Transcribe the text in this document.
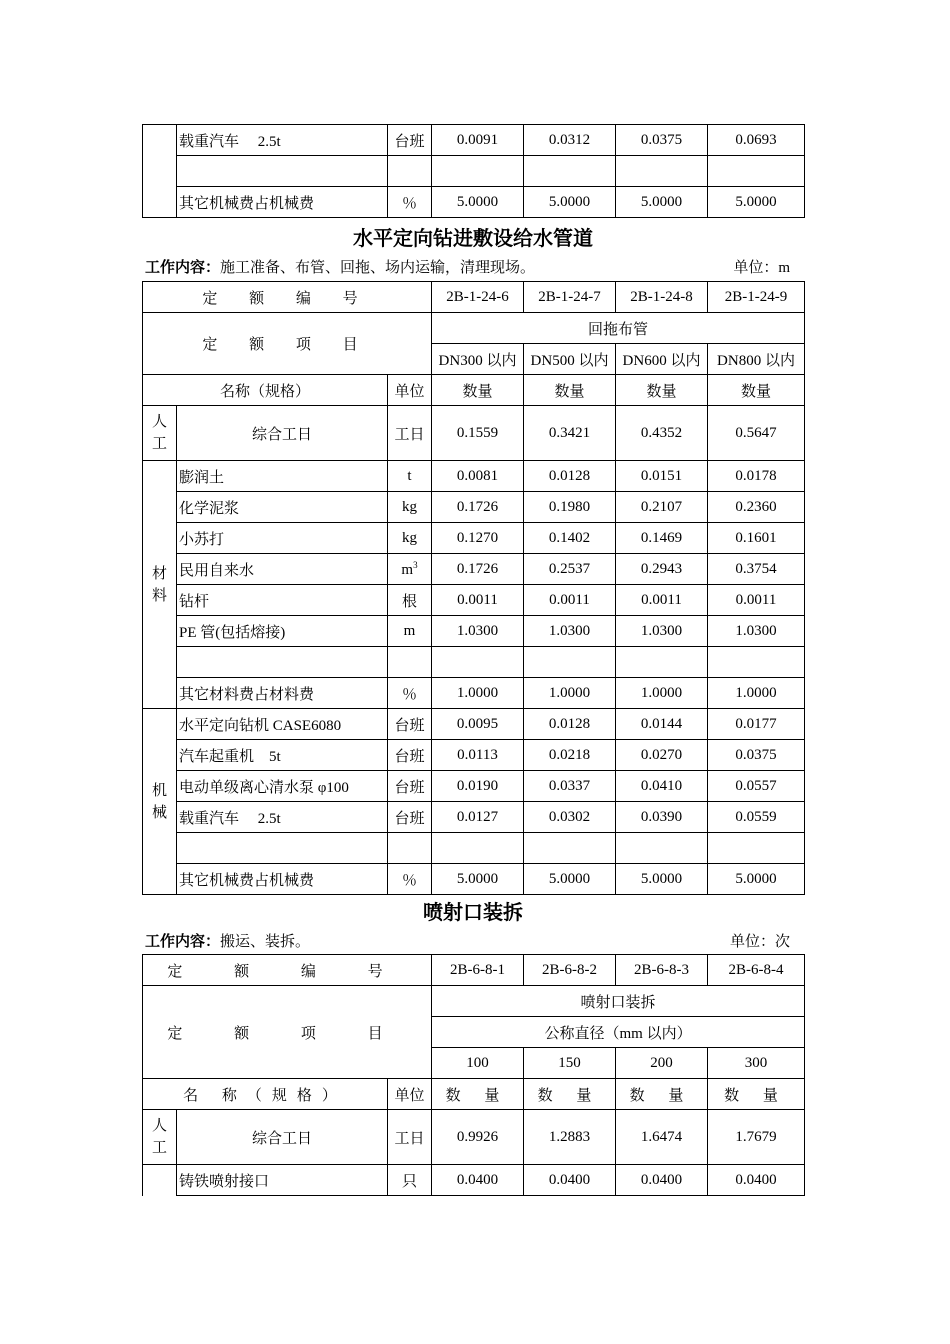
	载重汽车　 2.5t	台班	0.0091	0.0312	0.0375	0.0693

	其它机械费占机械费	％	5.0000	5.0000	5.0000	5.0000
水平定向钻进敷设给水管道
工作内容：施工准备、布管、回拖、场内运输，清理现场。	单位：m
定 额 编 号			2B-1-24-6	2B-1-24-7	2B-1-24-8	2B-1-24-9
定 额 项 目			回拖布管			
			DN300 以内	DN500 以内	DN600 以内	DN800 以内
名称（规格）		单位	数量	数量	数量	数量
人工	综合工日	工日	0.1559	0.3421	0.4352	0.5647
材料	膨润土	t	0.0081	0.0128	0.0151	0.0178
	化学泥浆	kg	0.1726	0.1980	0.2107	0.2360
	小苏打	kg	0.1270	0.1402	0.1469	0.1601
	民用自来水	$m^3$	0.1726	0.2537	0.2943	0.3754
	钻杆	根	0.0011	0.0011	0.0011	0.0011
	PE 管(包括熔接)	m	1.0300	1.0300	1.0300	1.0300

	其它材料费占材料费	％	1.0000	1.0000	1.0000	1.0000
机械	水平定向钻机 CASE6080	台班	0.0095	0.0128	0.0144	0.0177
	汽车起重机　5t	台班	0.0113	0.0218	0.0270	0.0375
	电动单级离心清水泵 φ100	台班	0.0190	0.0337	0.0410	0.0557
	载重汽车　 2.5t	台班	0.0127	0.0302	0.0390	0.0559

	其它机械费占机械费	％	5.0000	5.0000	5.0000	5.0000
喷射口装拆
工作内容：搬运、装拆。	单位：次
定 额 编 号			2B-6-8-1	2B-6-8-2	2B-6-8-3	2B-6-8-4
定 额 项 目			喷射口装拆			
			公称直径（mm 以内）			
			100	150	200	300
名 称（规格）		单位	数 量	数 量	数 量	数 量
人工	综合工日	工日	0.9926	1.2883	1.6474	1.7679
	铸铁喷射接口	只	0.0400	0.0400	0.0400	0.0400
